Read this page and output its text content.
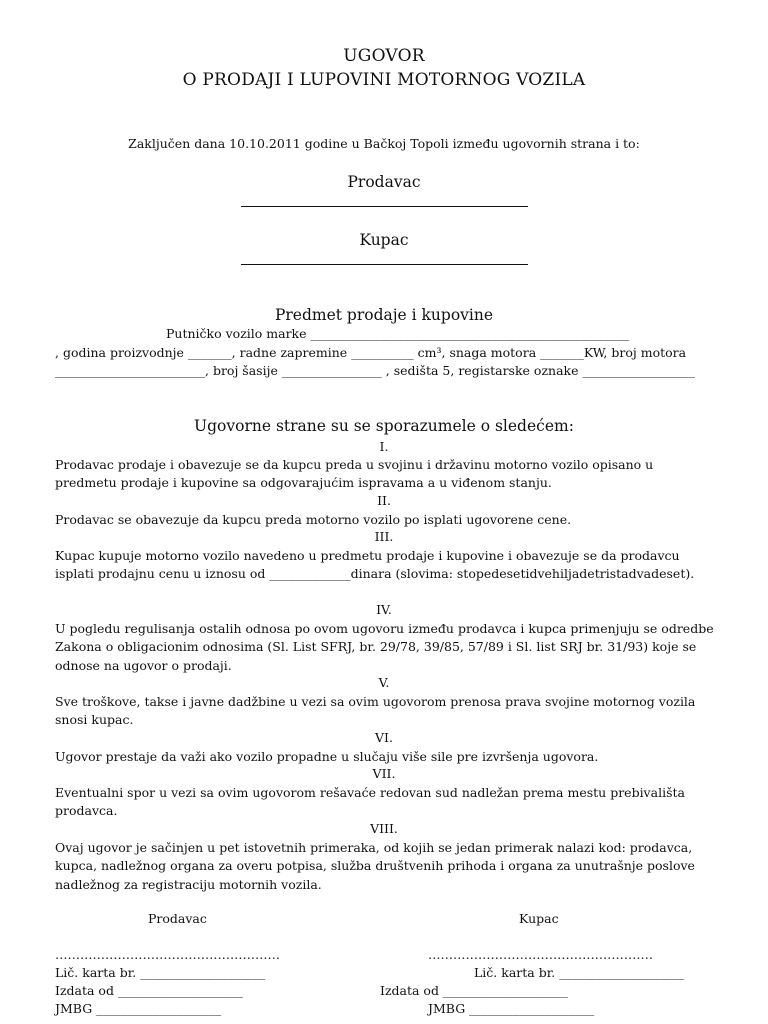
UGOVOR
O PRODAJI I LUPOVINI MOTORNOG VOZILA
Zaključen dana 10.10.2011 godine u Bačkoj Topoli između ugovornih strana i to:
Prodavac
Kupac
Predmet prodaje i kupovine
Putničko vozilo marke ___________________________________________________
, godina proizvodnje _______, radne zapremine __________ cm³, snaga motora _______KW, broj motora
________________________, broj šasije ________________ , sedišta 5, registarske oznake __________________
Ugovorne strane su se sporazumele o sledećem:
I.
Prodavac prodaje i obavezuje se da kupcu preda u svojinu i državinu motorno vozilo opisano u predmetu prodaje i kupovine sa odgovarajućim ispravama a u viđenom stanju.
II.
Prodavac se obavezuje da kupcu preda motorno vozilo po isplati ugovorene cene.
III.
Kupac kupuje motorno vozilo navedeno u predmetu prodaje i kupovine i obavezuje se da prodavcu isplati prodajnu cenu u iznosu od _____________dinara (slovima: stopedesetidvehiljadetristadvadeset).
IV.
U pogledu regulisanja ostalih odnosa po ovom ugovoru između prodavca i kupca primenjuju se odredbe Zakona o obligacionim odnosima (Sl. List SFRJ, br. 29/78, 39/85, 57/89 i Sl. list SRJ br. 31/93) koje se odnose na ugovor o prodaji.
V.
Sve troškove, takse i javne dadžbine u vezi sa ovim ugovorom prenosa prava svojine motornog vozila snosi kupac.
VI.
Ugovor prestaje da važi ako vozilo propadne u slučaju više sile pre izvršenja ugovora.
VII.
Eventualni spor u vezi sa ovim ugovorom rešavaće redovan sud nadležan prema mestu prebivališta prodavca.
VIII.
Ovaj ugovor je sačinjen u pet istovetnih primeraka, od kojih se jedan primerak nalazi kod: prodavca, kupca, nadležnog organa za overu potpisa, služba društvenih prihoda i organa za unutrašnje poslove nadležnog za registraciju motornih vozila.
Prodavac
………………………………………………
Lič. karta br. ____________________
Izdata od ____________________
JMBG ____________________
Kupac
………………………………………………
Lič. karta br. ____________________
Izdata od ____________________
JMBG ____________________
